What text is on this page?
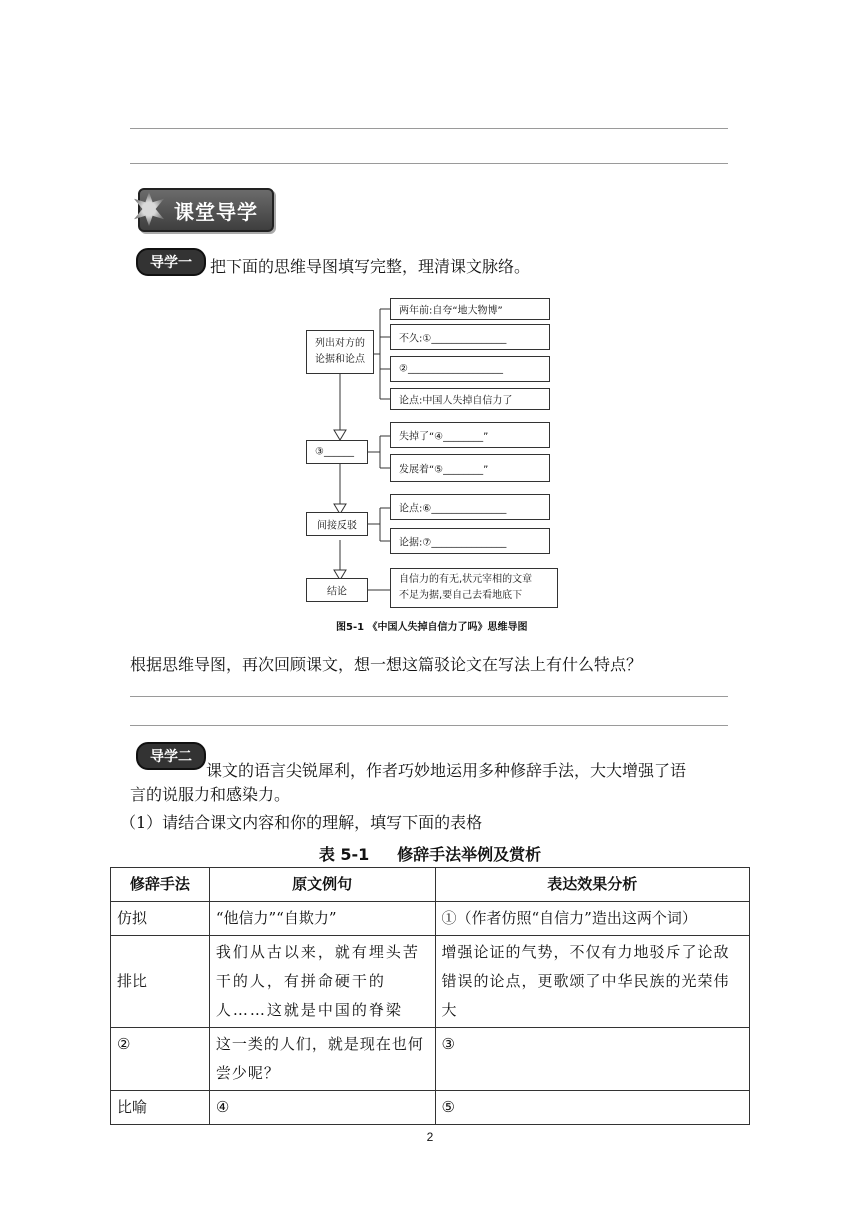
课堂导学
导学一	把下面的思维导图填写完整，理清课文脉络。
列出对方的
论据和论点
③______
间接反驳
结论
两年前:自夸“地大物博”
不久:①_______________
②___________________
论点:中国人失掉自信力了
失掉了“④________”
发展着“⑤________”
论点:⑥_______________
论据:⑦_______________
自信力的有无,状元宰相的文章
不足为据,要自己去看地底下
图5-1 《中国人失掉自信力了吗》思维导图
根据思维导图，再次回顾课文，想一想这篇驳论文在写法上有什么特点？
导学二
课文的语言尖锐犀利，作者巧妙地运用多种修辞手法，大大增强了语
言的说服力和感染力。
（1）请结合课文内容和你的理解，填写下面的表格
表 5-1     修辞手法举例及赏析
修辞手法	原文例句	表达效果分析
仿拟	“他信力”“自欺力”	①（作者仿照“自信力”造出这两个词）
排比	我们从古以来，就有埋头苦干的人，有拼命硬干的人……这就是中国的脊梁	增强论证的气势，不仅有力地驳斥了论敌错误的论点，更歌颂了中华民族的光荣伟大
②	这一类的人们，就是现在也何尝少呢？	③
比喻	④	⑤
2
